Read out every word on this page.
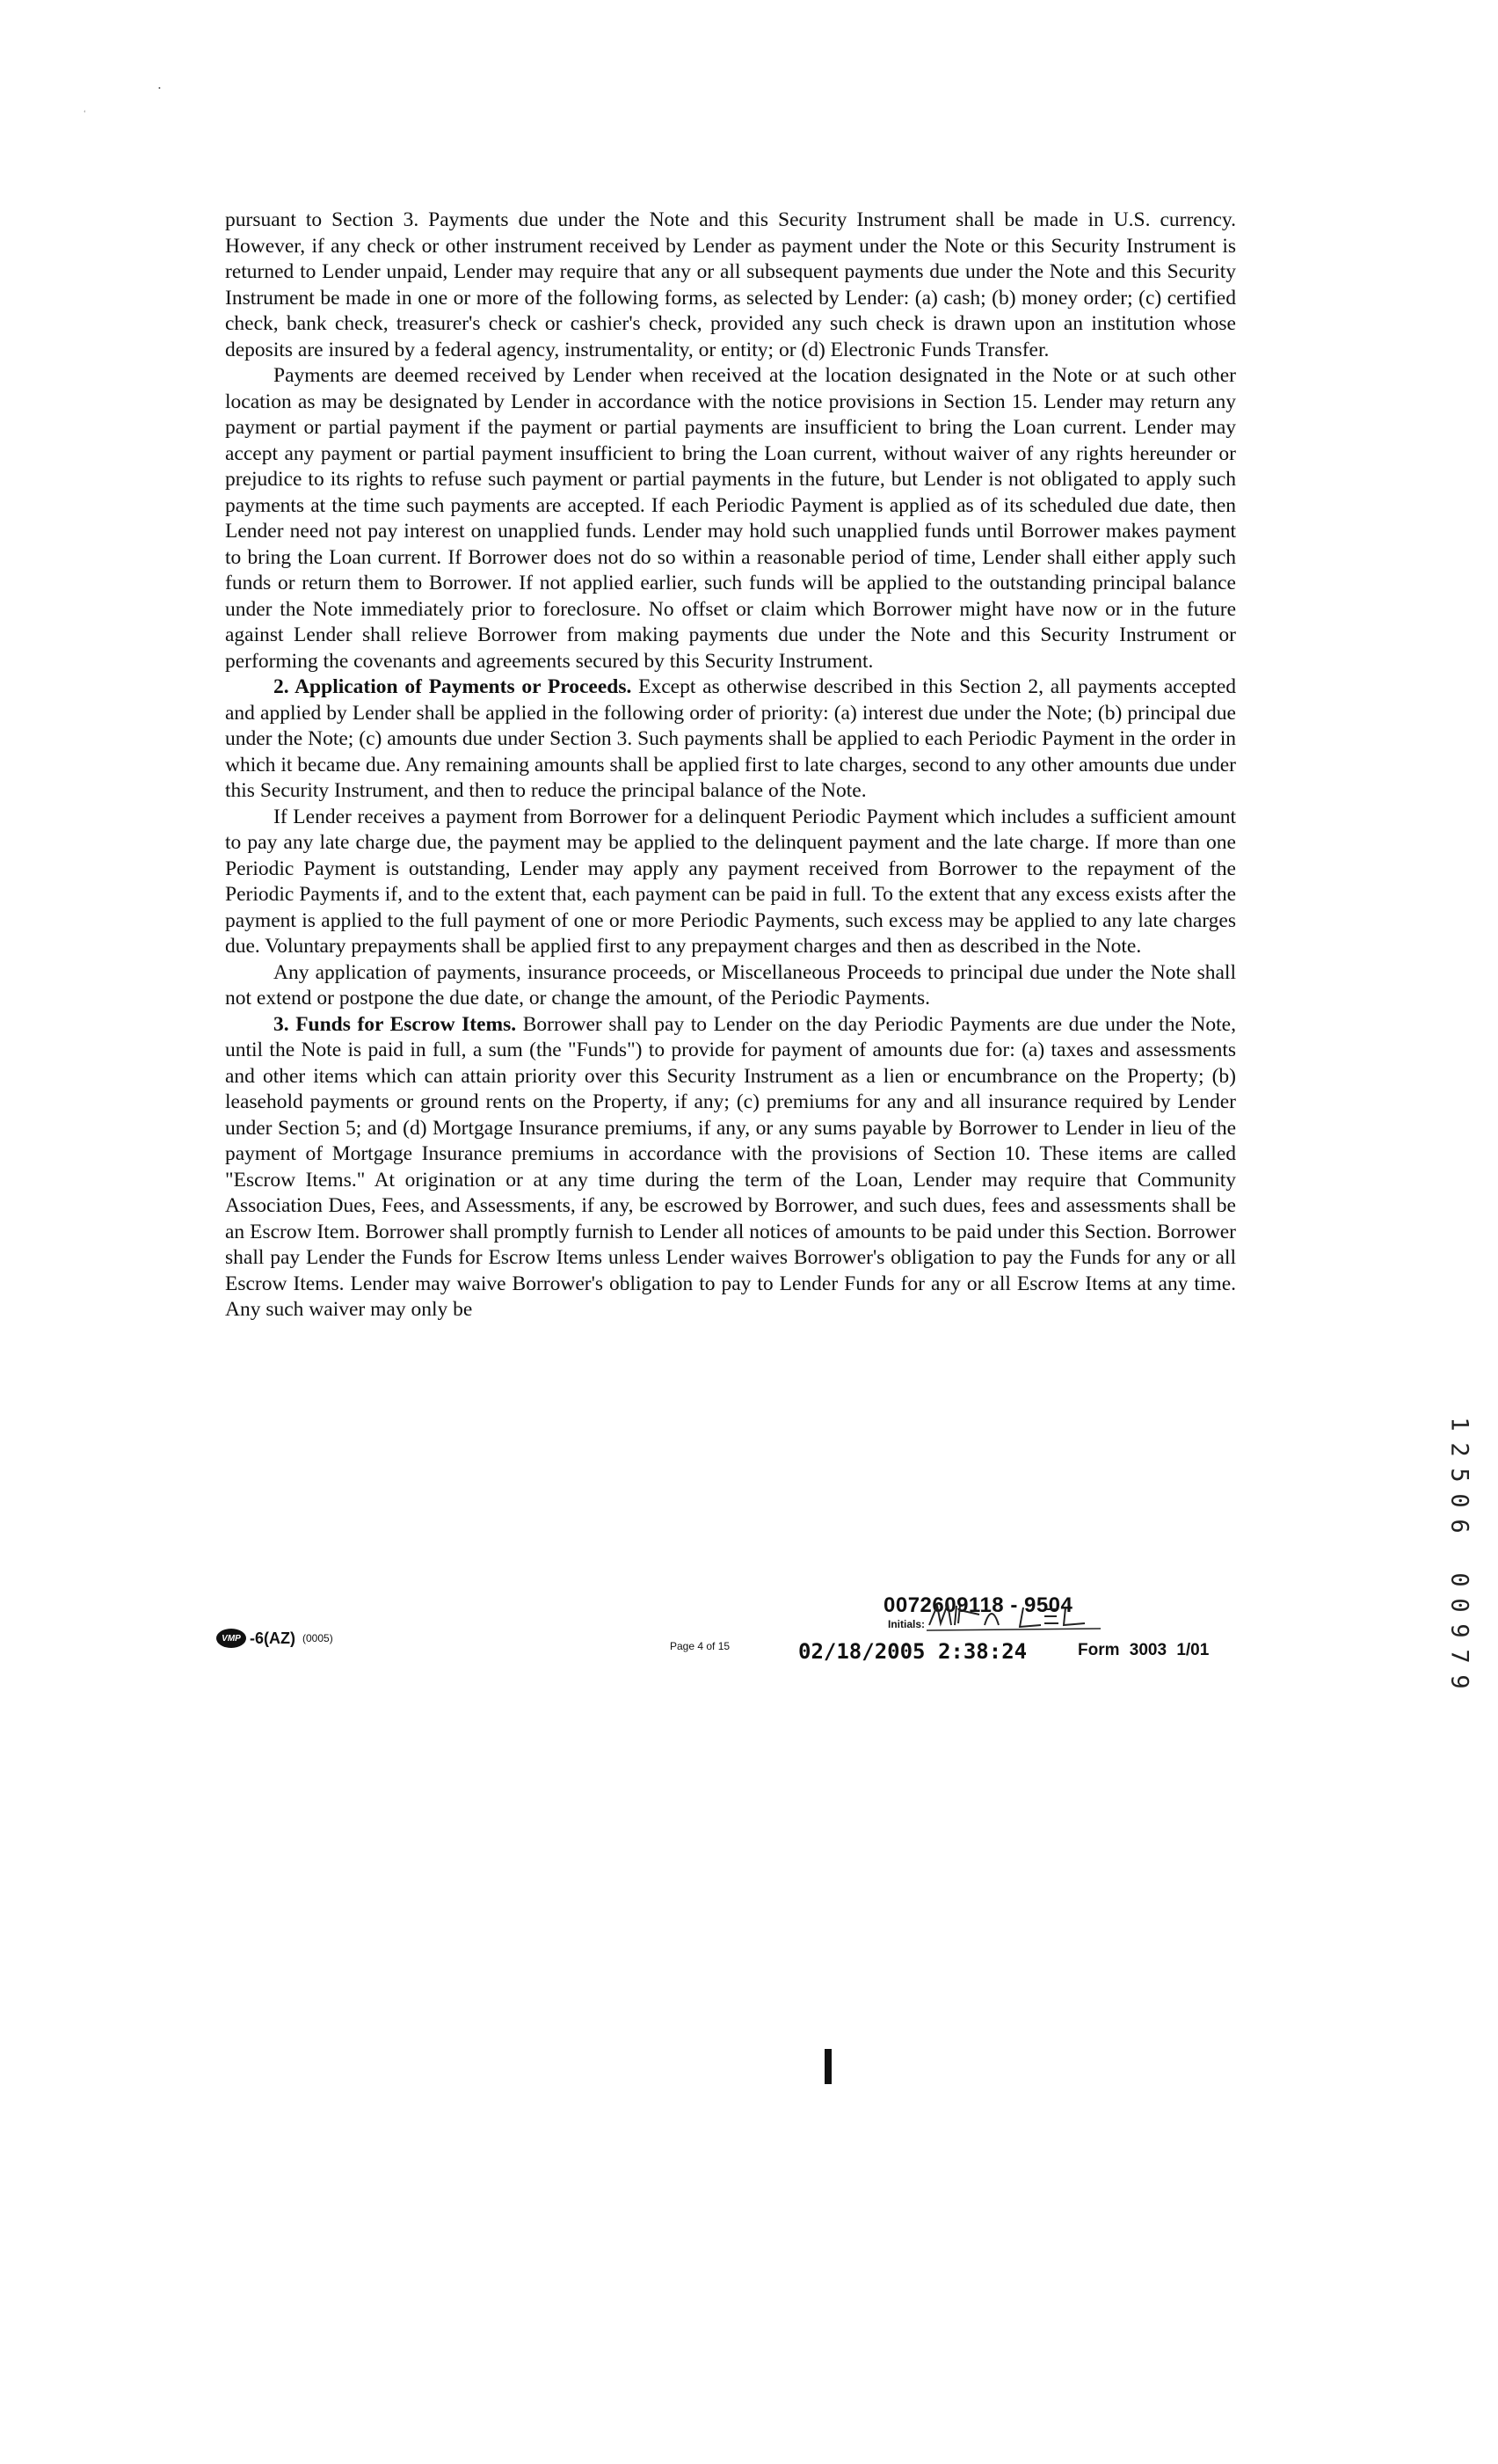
pursuant to Section 3. Payments due under the Note and this Security Instrument shall be made in U.S. currency. However, if any check or other instrument received by Lender as payment under the Note or this Security Instrument is returned to Lender unpaid, Lender may require that any or all subsequent payments due under the Note and this Security Instrument be made in one or more of the following forms, as selected by Lender: (a) cash; (b) money order; (c) certified check, bank check, treasurer's check or cashier's check, provided any such check is drawn upon an institution whose deposits are insured by a federal agency, instrumentality, or entity; or (d) Electronic Funds Transfer.

Payments are deemed received by Lender when received at the location designated in the Note or at such other location as may be designated by Lender in accordance with the notice provisions in Section 15. Lender may return any payment or partial payment if the payment or partial payments are insufficient to bring the Loan current. Lender may accept any payment or partial payment insufficient to bring the Loan current, without waiver of any rights hereunder or prejudice to its rights to refuse such payment or partial payments in the future, but Lender is not obligated to apply such payments at the time such payments are accepted. If each Periodic Payment is applied as of its scheduled due date, then Lender need not pay interest on unapplied funds. Lender may hold such unapplied funds until Borrower makes payment to bring the Loan current. If Borrower does not do so within a reasonable period of time, Lender shall either apply such funds or return them to Borrower. If not applied earlier, such funds will be applied to the outstanding principal balance under the Note immediately prior to foreclosure. No offset or claim which Borrower might have now or in the future against Lender shall relieve Borrower from making payments due under the Note and this Security Instrument or performing the covenants and agreements secured by this Security Instrument.

2. Application of Payments or Proceeds. Except as otherwise described in this Section 2, all payments accepted and applied by Lender shall be applied in the following order of priority: (a) interest due under the Note; (b) principal due under the Note; (c) amounts due under Section 3. Such payments shall be applied to each Periodic Payment in the order in which it became due. Any remaining amounts shall be applied first to late charges, second to any other amounts due under this Security Instrument, and then to reduce the principal balance of the Note.

If Lender receives a payment from Borrower for a delinquent Periodic Payment which includes a sufficient amount to pay any late charge due, the payment may be applied to the delinquent payment and the late charge. If more than one Periodic Payment is outstanding, Lender may apply any payment received from Borrower to the repayment of the Periodic Payments if, and to the extent that, each payment can be paid in full. To the extent that any excess exists after the payment is applied to the full payment of one or more Periodic Payments, such excess may be applied to any late charges due. Voluntary prepayments shall be applied first to any prepayment charges and then as described in the Note.

Any application of payments, insurance proceeds, or Miscellaneous Proceeds to principal due under the Note shall not extend or postpone the due date, or change the amount, of the Periodic Payments.

3. Funds for Escrow Items. Borrower shall pay to Lender on the day Periodic Payments are due under the Note, until the Note is paid in full, a sum (the "Funds") to provide for payment of amounts due for: (a) taxes and assessments and other items which can attain priority over this Security Instrument as a lien or encumbrance on the Property; (b) leasehold payments or ground rents on the Property, if any; (c) premiums for any and all insurance required by Lender under Section 5; and (d) Mortgage Insurance premiums, if any, or any sums payable by Borrower to Lender in lieu of the payment of Mortgage Insurance premiums in accordance with the provisions of Section 10. These items are called "Escrow Items." At origination or at any time during the term of the Loan, Lender may require that Community Association Dues, Fees, and Assessments, if any, be escrowed by Borrower, and such dues, fees and assessments shall be an Escrow Item. Borrower shall promptly furnish to Lender all notices of amounts to be paid under this Section. Borrower shall pay Lender the Funds for Escrow Items unless Lender waives Borrower's obligation to pay the Funds for any or all Escrow Items. Lender may waive Borrower's obligation to pay to Lender Funds for any or all Escrow Items at any time. Any such waiver may only be

0072609118 - 9504
Initials:
VMP -6(AZ) (0005)
Page 4 of 15	02/18/2005 2:38:24	Form 3003 1/01
1
2
5
0
6
0
0
9
7
9
•
‘
